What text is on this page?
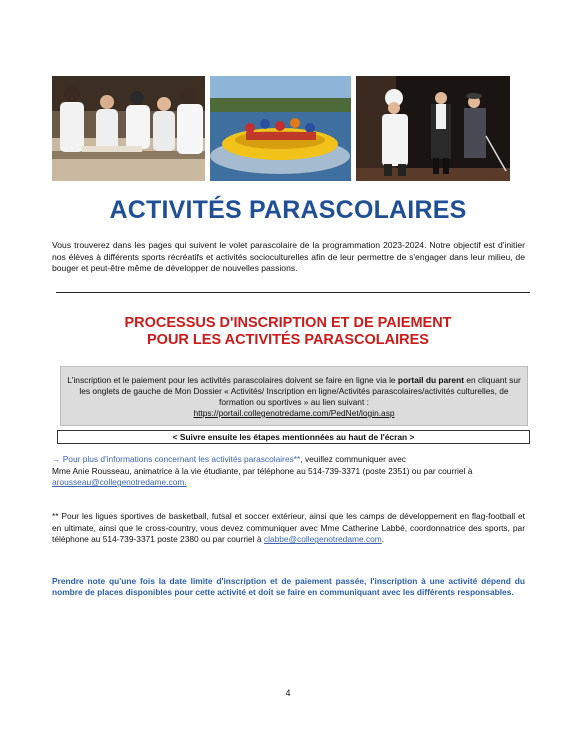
ACTIVITÉS PARASCOLAIRES
Vous trouverez dans les pages qui suivent le volet parascolaire de la programmation 2023-2024. Notre objectif est d'initier nos élèves à différents sports récréatifs et activités socioculturelles afin de leur permettre de s'engager dans leur milieu, de bouger et peut-être même de développer de nouvelles passions.
PROCESSUS D'INSCRIPTION ET DE PAIEMENT
POUR LES ACTIVITÉS PARASCOLAIRES
L'inscription et le paiement pour les activités parascolaires doivent se faire en ligne via le portail du parent en cliquant sur les onglets de gauche de Mon Dossier « Activités/ Inscription en ligne/Activités parascolaires/activités culturelles, de formation ou sportives » au lien suivant :
https://portail.collegenotredame.com/PedNet/login.asp
< Suivre ensuite les étapes mentionnées au haut de l'écran >
→ Pour plus d'informations concernant les activités parascolaires**, veuillez communiquer avec
Mme Anie Rousseau, animatrice à la vie étudiante, par téléphone au 514-739-3371 (poste 2351) ou par courriel à
arousseau@collegenotredame.com.
** Pour les ligues sportives de basketball, futsal et soccer extérieur, ainsi que les camps de développement en flag-football et en ultimate, ainsi que le cross-country, vous devez communiquer avec Mme Catherine Labbé, coordonnatrice des sports, par téléphone au 514-739-3371 poste 2380 ou par courriel à clabbe@collegenotredame.com.
Prendre note qu'une fois la date limite d'inscription et de paiement passée, l'inscription à une activité dépend du nombre de places disponibles pour cette activité et doit se faire en communiquant avec les différents responsables.
4
